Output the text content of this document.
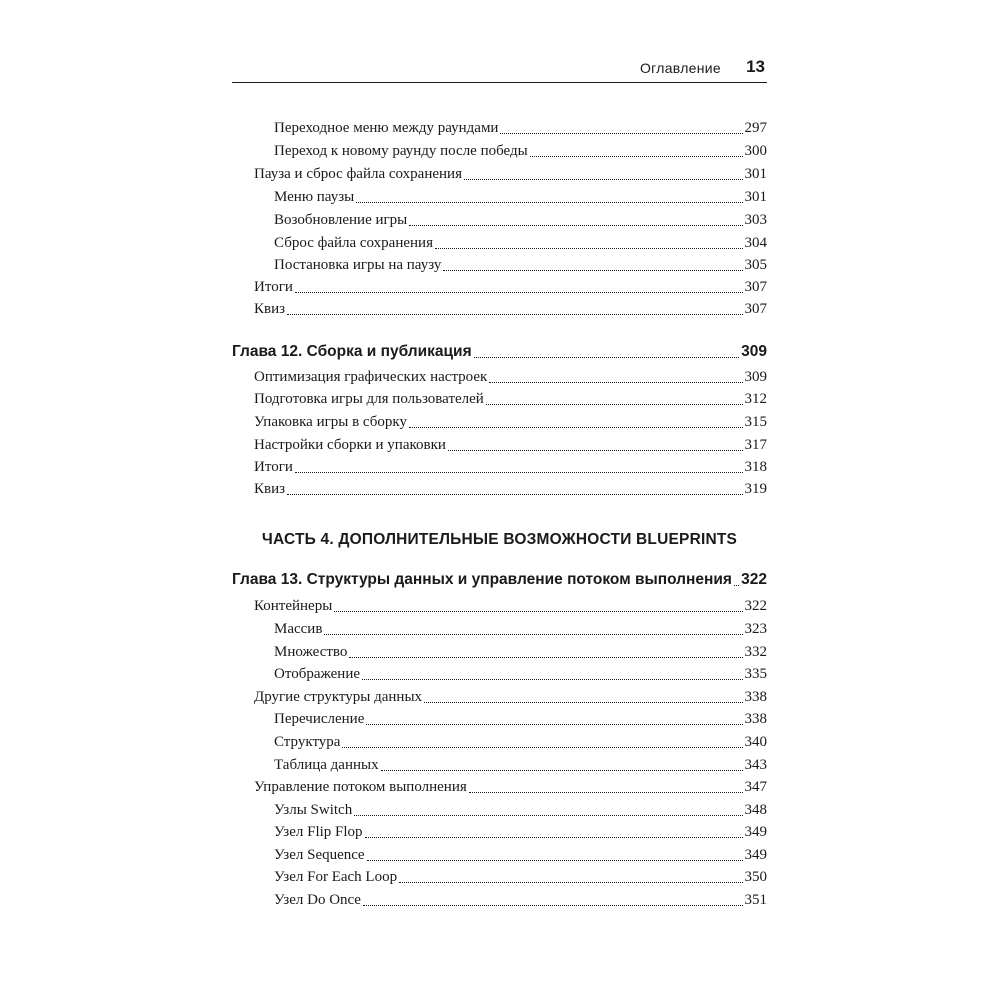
Оглавление 13
Переходное меню между раундами	297
Переход к новому раунду после победы	300
Пауза и сброс файла сохранения	301
Меню паузы	301
Возобновление игры	303
Сброс файла сохранения	304
Постановка игры на паузу	305
Итоги	307
Квиз	307
Глава 12. Сборка и публикация	309
Оптимизация графических настроек	309
Подготовка игры для пользователей	312
Упаковка игры в сборку	315
Настройки сборки и упаковки	317
Итоги	318
Квиз	319
Глава 13. Структуры данных и управление потоком выполнения 322
Контейнеры	322
Массив	323
Множество	332
Отображение	335
Другие структуры данных	338
Перечисление	338
Структура	340
Таблица данных	343
Управление потоком выполнения	347
Узлы Switch	348
Узел Flip Flop	349
Узел Sequence	349
Узел For Each Loop	350
Узел Do Once	351
ЧАСТЬ 4. ДОПОЛНИТЕЛЬНЫЕ ВОЗМОЖНОСТИ BLUEPRINTS
